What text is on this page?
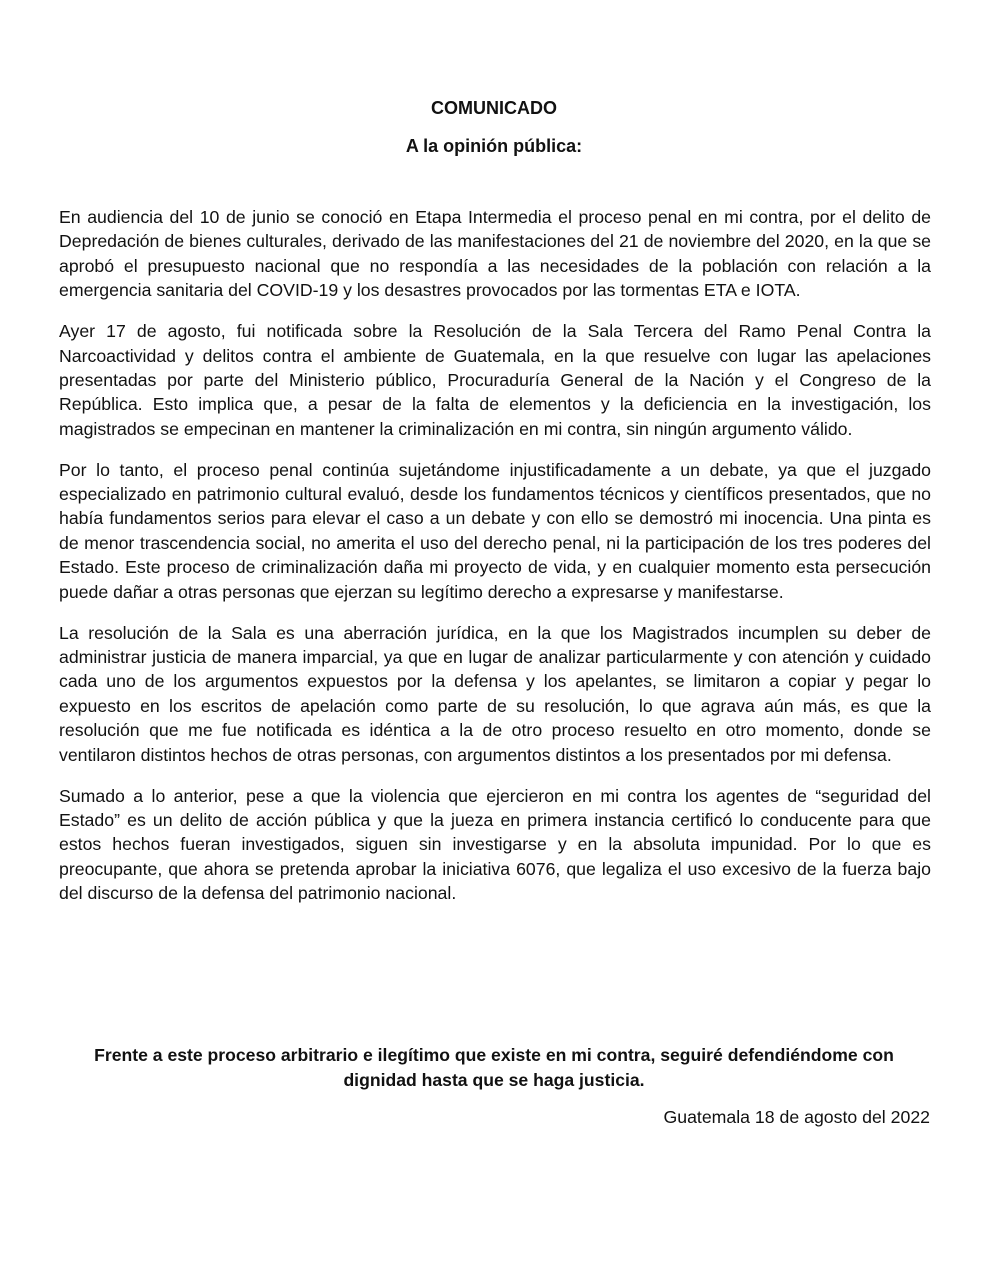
COMUNICADO
A la opinión pública:

En audiencia del 10 de junio se conoció en Etapa Intermedia el proceso penal en mi contra, por el delito de Depredación de bienes culturales, derivado de las manifestaciones del 21 de noviembre del 2020, en la que se aprobó el presupuesto nacional que no respondía a las necesidades de la población con relación a la emergencia sanitaria del COVID-19 y los desastres provocados por las tormentas ETA e IOTA.

Ayer 17 de agosto, fui notificada sobre la Resolución de la Sala Tercera del Ramo Penal Contra la Narcoactividad y delitos contra el ambiente de Guatemala, en la que resuelve con lugar las apelaciones presentadas por parte del Ministerio público, Procuraduría General de la Nación y el Congreso de la República. Esto implica que, a pesar de la falta de elementos y la deficiencia en la investigación, los magistrados se empecinan en mantener la criminalización en mi contra, sin ningún argumento válido.

Por lo tanto, el proceso penal continúa sujetándome injustificadamente a un debate, ya que el juzgado especializado en patrimonio cultural evaluó, desde los fundamentos técnicos y científicos presentados, que no había fundamentos serios para elevar el caso a un debate y con ello se demostró mi inocencia. Una pinta es de menor trascendencia social, no amerita el uso del derecho penal, ni la participación de los tres poderes del Estado. Este proceso de criminalización daña mi proyecto de vida, y en cualquier momento esta persecución puede dañar a otras personas que ejerzan su legítimo derecho a expresarse y manifestarse.

La resolución de la Sala es una aberración jurídica, en la que los Magistrados incumplen su deber de administrar justicia de manera imparcial, ya que en lugar de analizar particularmente y con atención y cuidado cada uno de los argumentos expuestos por la defensa y los apelantes, se limitaron a copiar y pegar lo expuesto en los escritos de apelación como parte de su resolución, lo que agrava aún más, es que la resolución que me fue notificada es idéntica a la de otro proceso resuelto en otro momento, donde se ventilaron distintos hechos de otras personas, con argumentos distintos a los presentados por mi defensa.

Sumado a lo anterior, pese a que la violencia que ejercieron en mi contra los agentes de “seguridad del Estado” es un delito de acción pública y que la jueza en primera instancia certificó lo conducente para que estos hechos fueran investigados, siguen sin investigarse y en la absoluta impunidad. Por lo que es preocupante, que ahora se pretenda aprobar la iniciativa 6076, que legaliza el uso excesivo de la fuerza bajo del discurso de la defensa del patrimonio nacional.

Frente a este proceso arbitrario e ilegítimo que existe en mi contra, seguiré defendiéndome con dignidad hasta que se haga justicia.

Guatemala 18 de agosto del 2022
